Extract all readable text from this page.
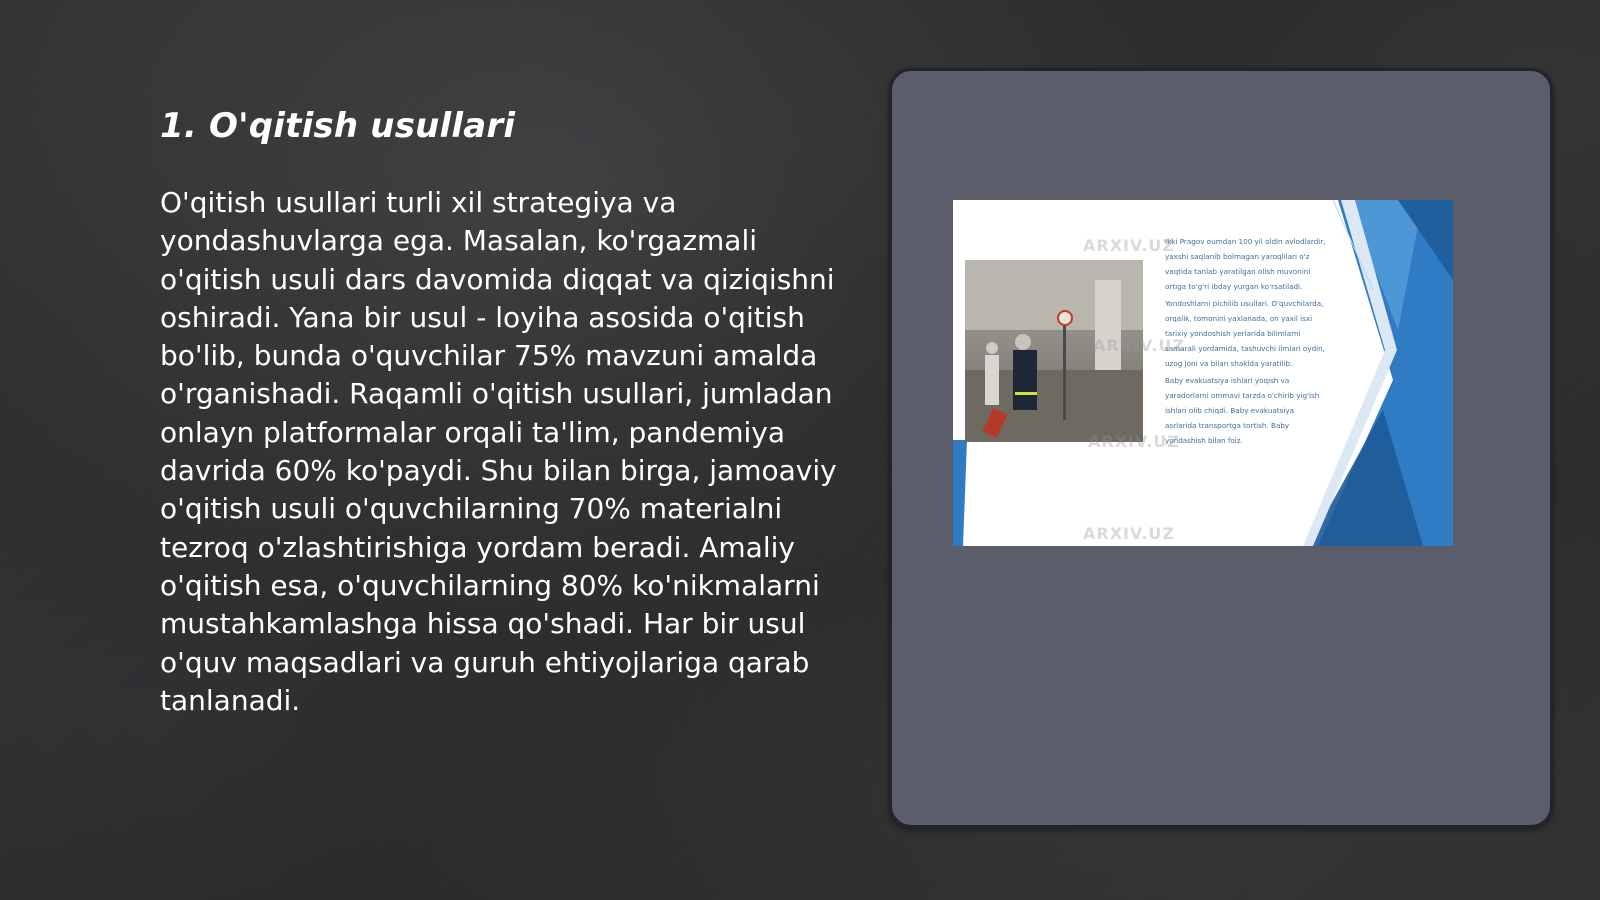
1. O'qitish usullari

O'qitish usullari turli xil strategiya va yondashuvlarga ega. Masalan, ko'rgazmali o'qitish usuli dars davomida diqqat va qiziqishni oshiradi. Yana bir usul - loyiha asosida o'qitish bo'lib, bunda o'quvchilar 75% mavzuni amalda o'rganishadi. Raqamli o'qitish usullari, jumladan onlayn platformalar orqali ta'lim, pandemiya davrida 60% ko'paydi. Shu bilan birga, jamoaviy o'qitish usuli o'quvchilarning 70% materialni tezroq o'zlashtirishiga yordam beradi. Amaliy o'qitish esa, o'quvchilarning 80% ko'nikmalarni mustahkamlashga hissa qo'shadi. Har bir usul o'quv maqsadlari va guruh ehtiyojlariga qarab tanlanadi.

Ikki Pragov oumdan 100 yil oldin avlodlardir, yaxshi saqlanib bolmagan yaroqlilari o'z vaqtida tanlab yaratilgan olish muvonini ortiga to'g'ri ibday yurgan ko'rsatiladi.

Yondoshlarni pichilib usullari. O'quvchilarda, orqalik, tomonini yaxlanada, on yaxil isxi tarixiy yondoshish yerlarida bilimlarni samarali yordamida, tashuvchi ilmlari oydin, uzog joni va bilan shaklda yaratilib.

Baby evakuatsiya ishlari yoqish va yaradorlarni ommavi tarzda o'chirib yig'ish ishlari olib chiqdi. Baby evakuatsiya asrlarida transportga tortish. Baby yondashish bilan foiz.

ARXIV.UZ
ARXIV.UZ
ARXIV.UZ
ARXIV.UZ
